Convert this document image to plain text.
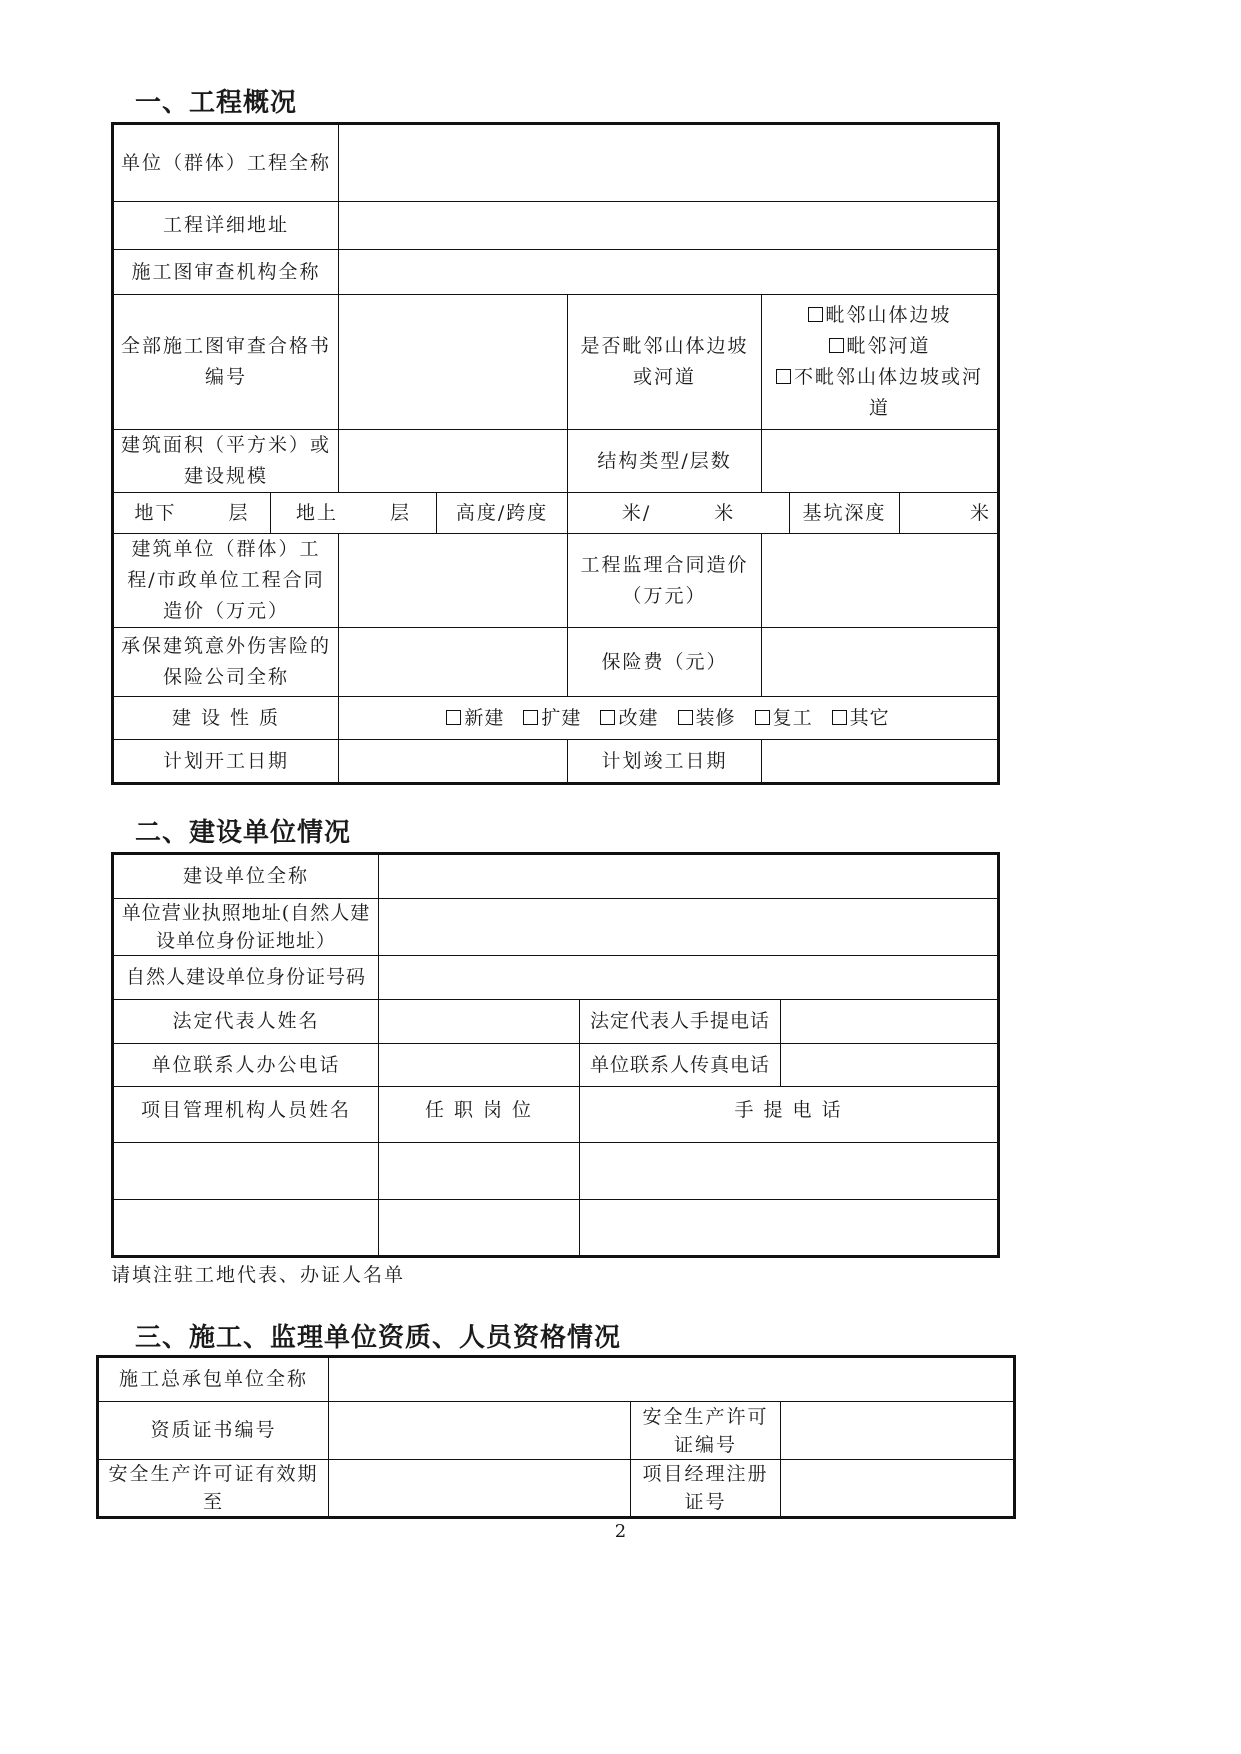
一、工程概况
单位（群体）工程全称							
工程详细地址							
施工图审查机构全称							
全部施工图审查合格书编号				是否毗邻山体边坡或河道	毗邻山体边坡
毗邻河道
不毗邻山体边坡或河道		

建筑面积（平方米）或建设规模				结构类型/层数			
地下 层	地上 层		高度/跨度	米/　　　米		基坑深度	米
建筑单位（群体）工程/市政单位工程合同造价（万元）				工程监理合同造价（万元）			
承保建筑意外伤害险的保险公司全称				保险费（元）			
建 设 性 质		新建 扩建 改建 装修 复工 其它					
计划开工日期				计划竣工日期			
二、建设单位情况
建设单位全称			
单位营业执照地址(自然人建设单位身份证地址）			
自然人建设单位身份证号码			
法定代表人姓名		法定代表人手提电话	
单位联系人办公电话		单位联系人传真电话	
项目管理机构人员姓名	任 职 岗 位	手 提 电 话	

请填注驻工地代表、办证人名单
三、施工、监理单位资质、人员资格情况
施工总承包单位全称			
资质证书编号		安全生产许可证编号	
安全生产许可证有效期至		项目经理注册证号	
2
